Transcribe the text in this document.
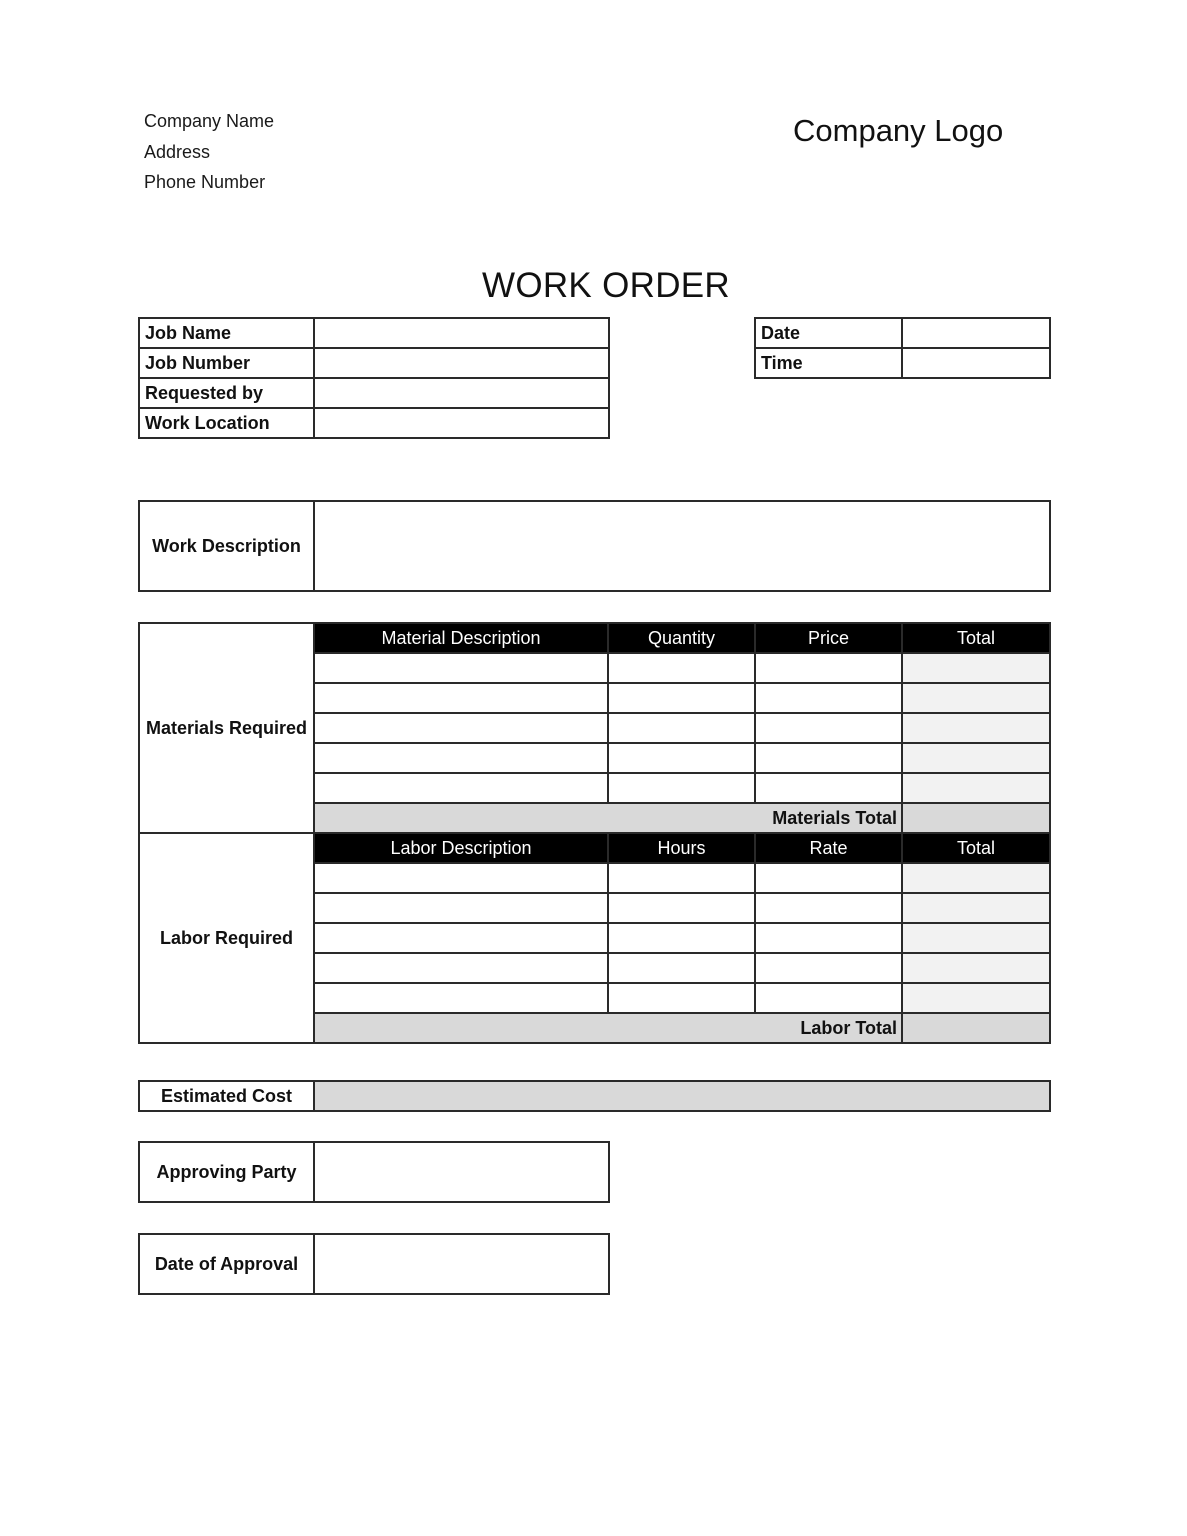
Company Name
Address
Phone Number
Company Logo
WORK ORDER
Job Name	
Job Number	
Requested by	
Work Location	
Date	
Time	
Work Description	
Materials Required	Material Description	Quantity	Price	Total

	Materials Total			
Labor Required	Labor Description	Hours	Rate	Total

	Labor Total			
Estimated Cost	
Approving Party	
Date of Approval	
